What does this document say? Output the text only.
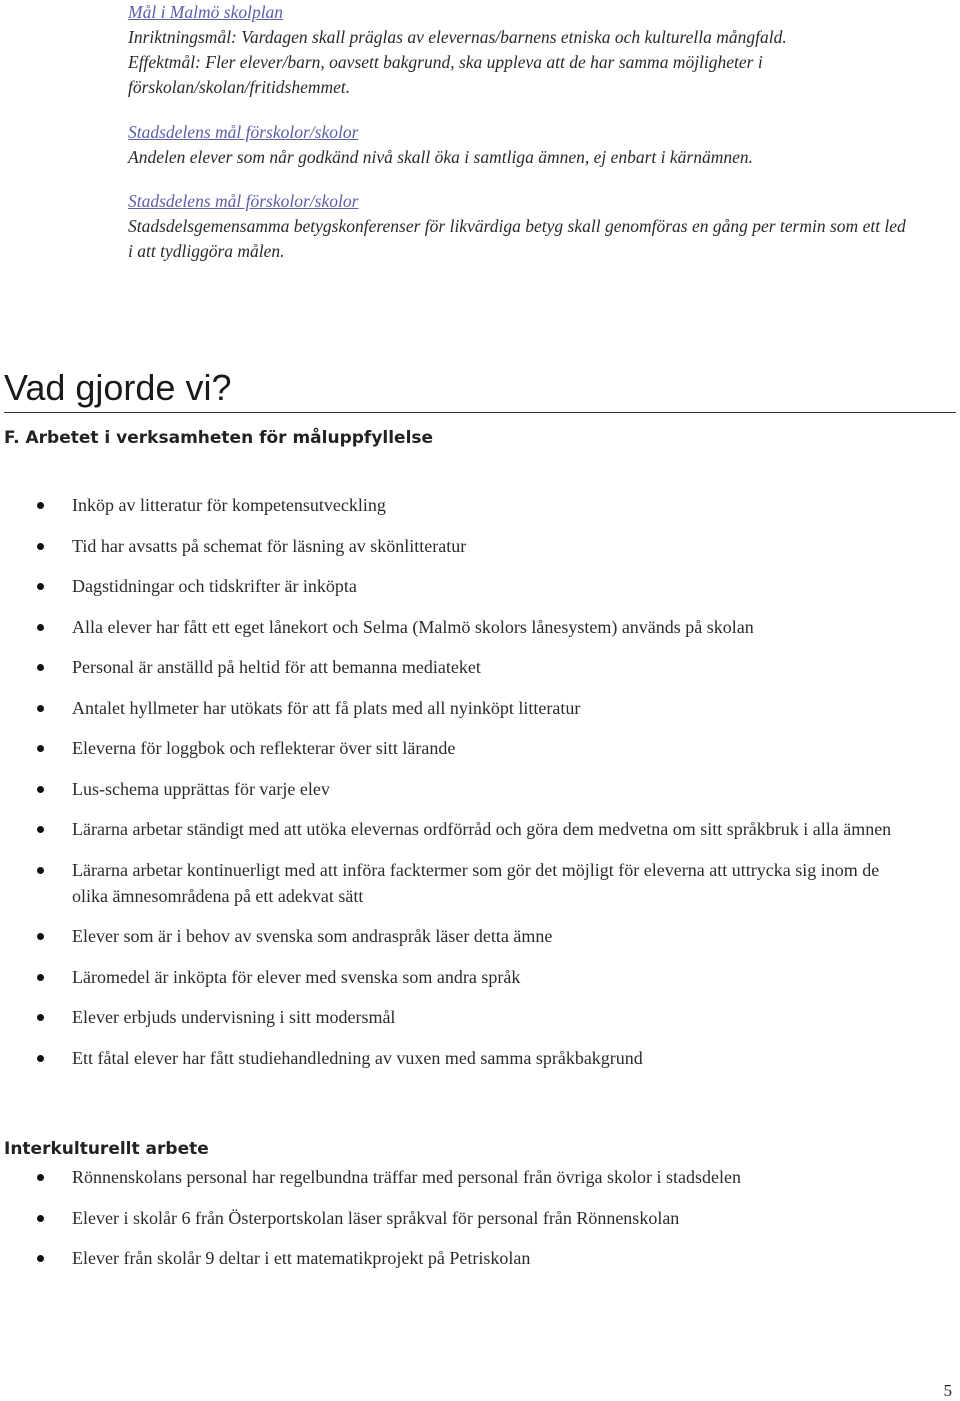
Mål i Malmö skolplan
Inriktningsmål: Vardagen skall präglas av elevernas/barnens etniska och kulturella mångfald.
Effektmål: Fler elever/barn, oavsett bakgrund, ska uppleva att de har samma möjligheter i
förskolan/skolan/fritidshemmet.
Stadsdelens mål förskolor/skolor
Andelen elever som når godkänd nivå skall öka i samtliga ämnen, ej enbart i kärnämnen.
Stadsdelens mål förskolor/skolor
Stadsdelsgemensamma betygskonferenser för likvärdiga betyg skall genomföras en gång per termin som ett led
i att tydliggöra målen.
Vad gjorde vi?
F. Arbetet i verksamheten för måluppfyllelse
Inköp av litteratur för kompetensutveckling
Tid har avsatts på schemat för läsning av skönlitteratur
Dagstidningar och tidskrifter är inköpta
Alla elever har fått ett eget lånekort och Selma (Malmö skolors lånesystem) används på skolan
Personal är anställd på heltid för att bemanna mediateket
Antalet hyllmeter har utökats för att få plats med all nyinköpt litteratur
Eleverna för loggbok och reflekterar över sitt lärande
Lus-schema upprättas för varje elev
Lärarna arbetar ständigt med att utöka elevernas ordförråd och göra dem medvetna om sitt språkbruk i alla ämnen
Lärarna arbetar kontinuerligt med att införa facktermer som gör det möjligt för eleverna att uttrycka sig inom de olika ämnesområdena på ett adekvat sätt
Elever som är i behov av svenska som andraspråk läser detta ämne
Läromedel är inköpta för elever med svenska som andra språk
Elever erbjuds undervisning i sitt modersmål
Ett fåtal elever har fått studiehandledning av vuxen med samma språkbakgrund
Interkulturellt arbete
Rönnenskolans personal har regelbundna träffar med personal från övriga skolor i stadsdelen
Elever i skolår 6 från Österportskolan läser språkval för personal från Rönnenskolan
Elever från skolår 9 deltar i ett matematikprojekt på Petriskolan
5
